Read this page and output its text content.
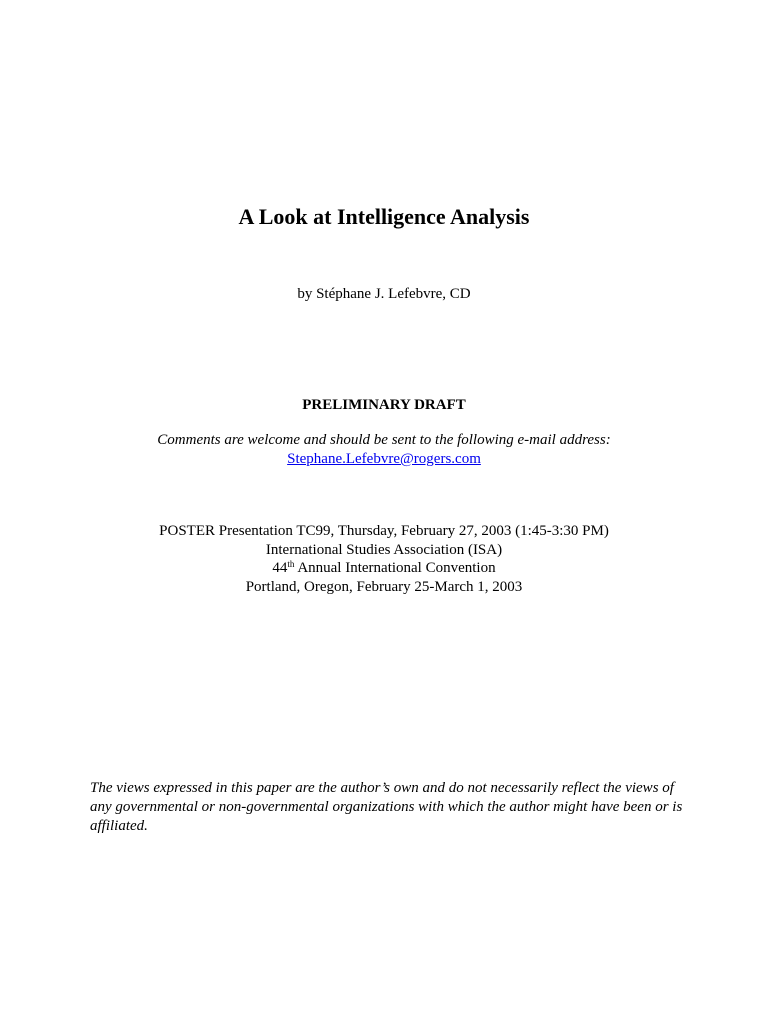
A Look at Intelligence Analysis
by Stéphane J. Lefebvre, CD
PRELIMINARY DRAFT
Comments are welcome and should be sent to the following e-mail address:
Stephane.Lefebvre@rogers.com
POSTER Presentation TC99, Thursday, February 27, 2003 (1:45-3:30 PM)
International Studies Association (ISA)
44th Annual International Convention
Portland, Oregon, February 25-March 1, 2003
The views expressed in this paper are the author’s own and do not necessarily reflect the views of any governmental or non-governmental organizations with which the author might have been or is affiliated.
